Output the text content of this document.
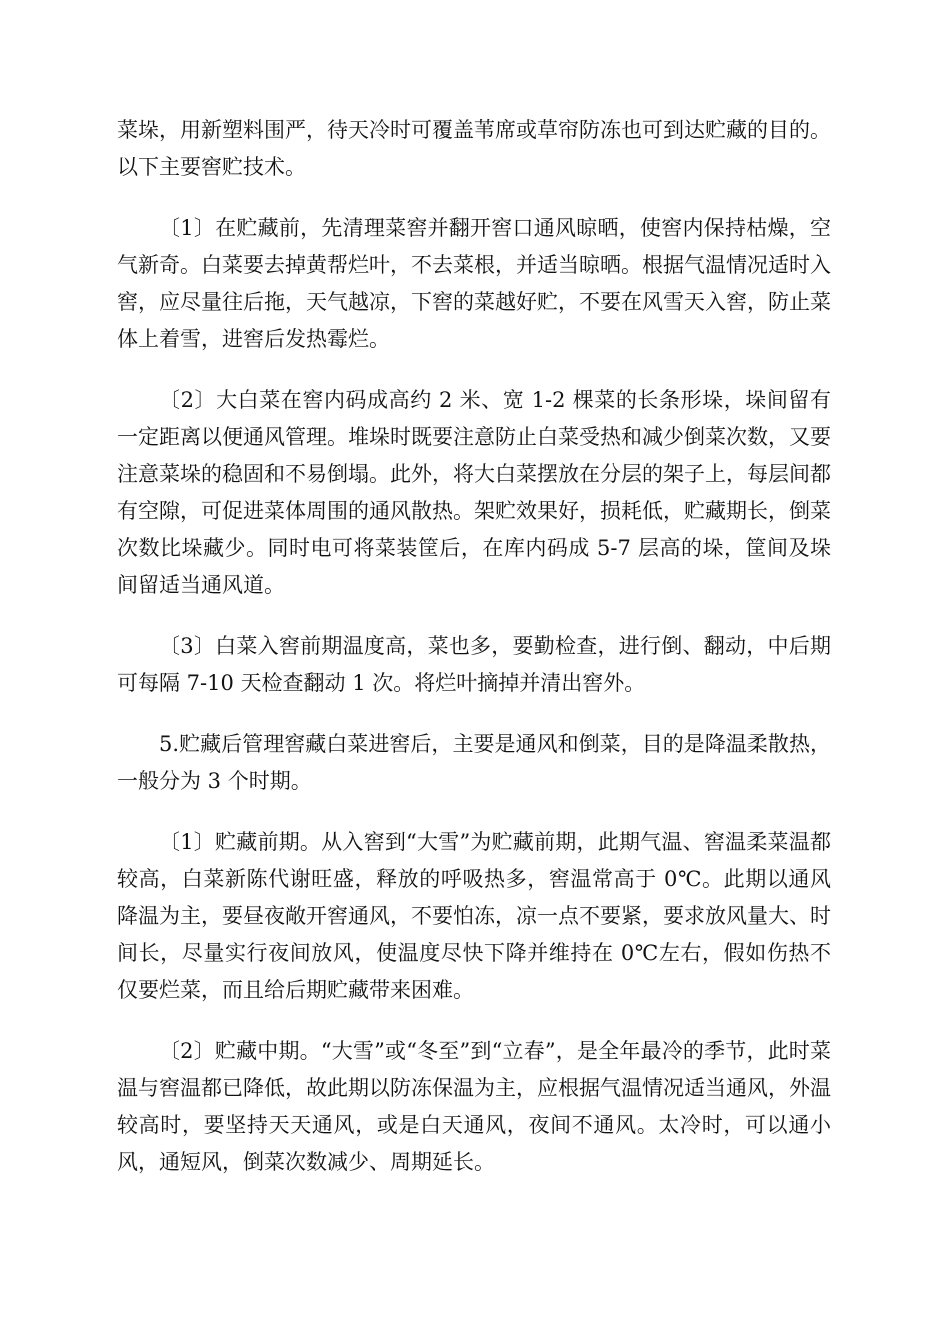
菜垛，用新塑料围严，待天冷时可覆盖苇席或草帘防冻也可到达贮藏的目的。以下主要窖贮技术。

〔1〕在贮藏前，先清理菜窖并翻开窖口通风晾晒，使窖内保持枯燥，空气新奇。白菜要去掉黄帮烂叶，不去菜根，并适当晾晒。根据气温情况适时入窖，应尽量往后拖，天气越凉，下窖的菜越好贮，不要在风雪天入窖，防止菜体上着雪，进窖后发热霉烂。

〔2〕大白菜在窖内码成高约 2 米、宽 1-2 棵菜的长条形垛，垛间留有一定距离以便通风管理。堆垛时既要注意防止白菜受热和减少倒菜次数，又要注意菜垛的稳固和不易倒塌。此外，将大白菜摆放在分层的架子上，每层间都有空隙，可促进菜体周围的通风散热。架贮效果好，损耗低，贮藏期长，倒菜次数比垛藏少。同时电可将菜装筐后，在库内码成 5-7 层高的垛，筐间及垛间留适当通风道。

〔3〕白菜入窖前期温度高，菜也多，要勤检查，进行倒、翻动，中后期可每隔 7-10 天检查翻动 1 次。将烂叶摘掉并清出窖外。

5.贮藏后管理窖藏白菜进窖后，主要是通风和倒菜，目的是降温柔散热，一般分为 3 个时期。

〔1〕贮藏前期。从入窖到“大雪”为贮藏前期，此期气温、窖温柔菜温都较高，白菜新陈代谢旺盛，释放的呼吸热多，窖温常高于 0℃。此期以通风降温为主，要昼夜敞开窖通风，不要怕冻，凉一点不要紧，要求放风量大、时间长，尽量实行夜间放风，使温度尽快下降并维持在 0℃左右，假如伤热不仅要烂菜，而且给后期贮藏带来困难。

〔2〕贮藏中期。“大雪”或“冬至”到“立春”，是全年最冷的季节，此时菜温与窖温都已降低，故此期以防冻保温为主，应根据气温情况适当通风，外温较高时，要坚持天天通风，或是白天通风，夜间不通风。太冷时，可以通小风，通短风，倒菜次数减少、周期延长。
